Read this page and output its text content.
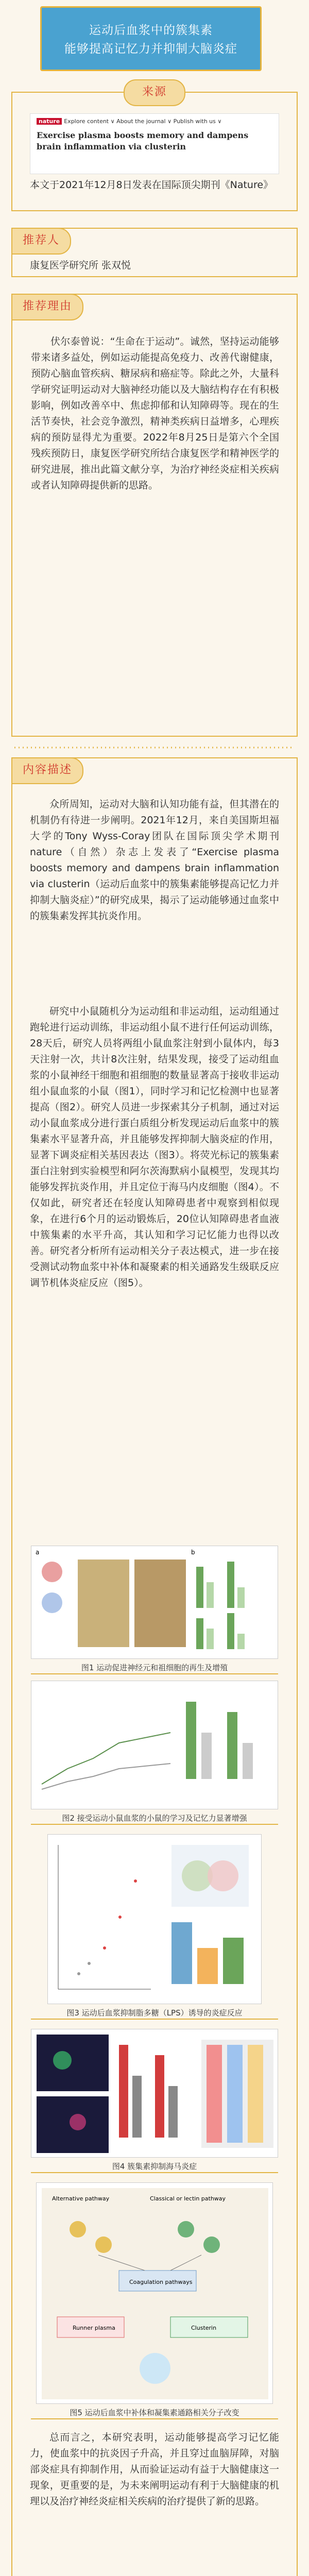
运动后血浆中的簇集素
能够提高记忆力并抑制大脑炎症
来源
nature Explore content ∨ About the journal ∨ Publish with us ∨
Exercise plasma boosts memory and dampens brain inflammation via clusterin
本文于2021年12月8日发表在国际顶尖期刊《Nature》
推荐人
康复医学研究所 张双悦
推荐理由
伏尔泰曾说：“生命在于运动”。诚然，坚持运动能够带来诸多益处，例如运动能提高免疫力、改善代谢健康，预防心脑血管疾病、糖尿病和癌症等。除此之外，大量科学研究证明运动对大脑神经功能以及大脑结构存在有积极影响，例如改善卒中、焦虑抑郁和认知障碍等。现在的生活节奏快，社会竞争激烈，精神类疾病日益增多，心理疾病的预防显得尤为重要。2022年8月25日是第六个全国残疾预防日，康复医学研究所结合康复医学和精神医学的研究进展，推出此篇文献分享，为治疗神经炎症相关疾病或者认知障碍提供新的思路。
内容描述
众所周知，运动对大脑和认知功能有益，但其潜在的机制仍有待进一步阐明。2021年12月，来自美国斯坦福大学的Tony Wyss-Coray团队在国际顶尖学术期刊nature（自然）杂志上发表了“Exercise plasma boosts memory and dampens brain inflammation via clusterin（运动后血浆中的簇集素能够提高记忆力并抑制大脑炎症）”的研究成果，揭示了运动能够通过血浆中的簇集素发挥其抗炎作用。
研究中小鼠随机分为运动组和非运动组，运动组通过跑轮进行运动训练，非运动组小鼠不进行任何运动训练，28天后，研究人员将两组小鼠血浆注射到小鼠体内，每3天注射一次，共计8次注射，结果发现，接受了运动组血浆的小鼠神经干细胞和祖细胞的数量显著高于接收非运动组小鼠血浆的小鼠（图1），同时学习和记忆检测中也显著提高（图2）。研究人员进一步探索其分子机制，通过对运动小鼠血浆成分进行蛋白质组分析发现运动后血浆中的簇集素水平显著升高，并且能够发挥抑制大脑炎症的作用，显著下调炎症相关基因表达（图3）。将荧光标记的簇集素蛋白注射到实验模型和阿尔茨海默病小鼠模型，发现其均能够发挥抗炎作用，并且定位于海马内皮细胞（图4）。不仅如此，研究者还在轻度认知障碍患者中观察到相似现象，在进行6个月的运动锻炼后，20位认知障碍患者血液中簇集素的水平升高，其认知和学习记忆能力也得以改善。研究者分析所有运动相关分子表达模式，进一步在接受测试动物血浆中补体和凝聚素的相关通路发生级联反应调节机体炎症反应（图5）。
a	b
图1 运动促进神经元和祖细胞的再生及增殖
图2 接受运动小鼠血浆的小鼠的学习及记忆力显著增强
图3 运动后血浆抑制脂多糖（LPS）诱导的炎症反应
图4 簇集素抑制海马炎症
Alternative pathway	Classical or lectin pathway
Coagulation pathways
Runner plasma	Clusterin
图5 运动后血浆中补体和凝集素通路相关分子改变
总而言之，本研究表明，运动能够提高学习记忆能力，使血浆中的抗炎因子升高，并且穿过血脑屏障，对脑部炎症具有抑制作用，从而验证运动有益于大脑健康这一现象，更重要的是，为未来阐明运动有利于大脑健康的机理以及治疗神经炎症相关疾病的治疗提供了新的思路。
